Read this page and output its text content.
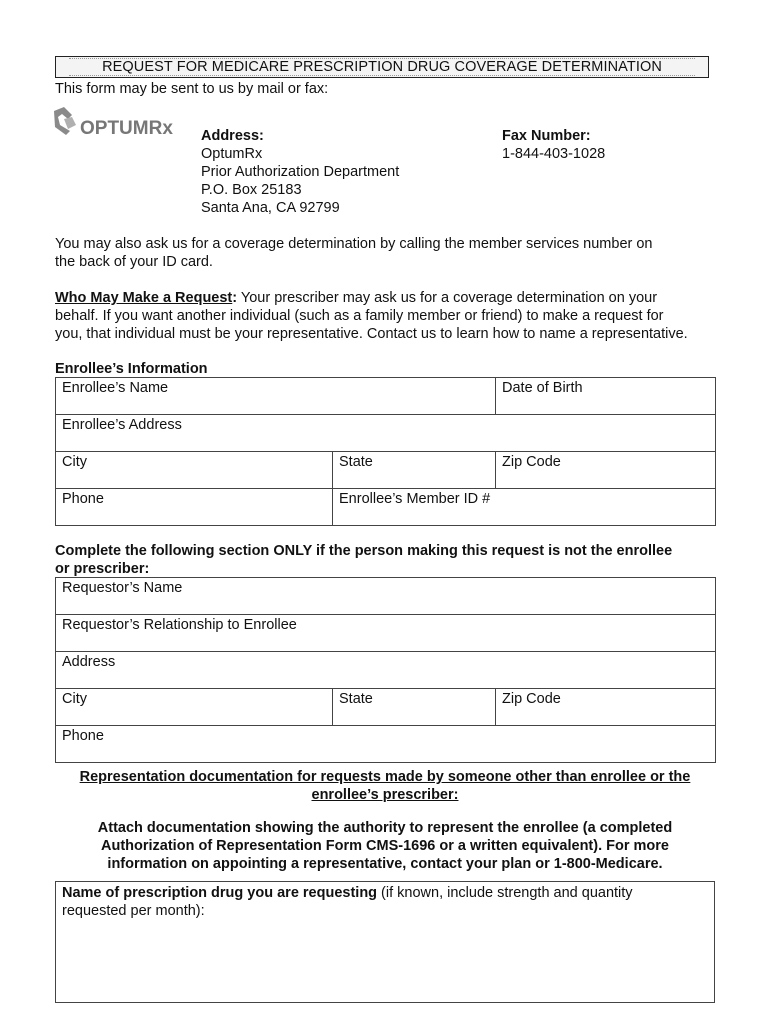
REQUEST FOR MEDICARE PRESCRIPTION DRUG COVERAGE DETERMINATION
This form may be sent to us by mail or fax:
OPTUMRx Address:
OptumRx
Prior Authorization Department
P.O. Box 25183
Santa Ana, CA 92799
Fax Number:
1-844-403-1028
You may also ask us for a coverage determination by calling the member services number on
the back of your ID card.
Who May Make a Request: Your prescriber may ask us for a coverage determination on your
behalf. If you want another individual (such as a family member or friend) to make a request for
you, that individual must be your representative. Contact us to learn how to name a representative.
Enrollee’s Information
Enrollee’s Name		Date of Birth
Enrollee’s Address		
City	State	Zip Code
Phone	Enrollee’s Member ID #	
Complete the following section ONLY if the person making this request is not the enrollee
or prescriber:
Requestor’s Name
Requestor’s Relationship to Enrollee
Address
City	State	Zip Code
Phone
Representation documentation for requests made by someone other than enrollee or the
enrollee’s prescriber:
Attach documentation showing the authority to represent the enrollee (a completed
Authorization of Representation Form CMS-1696 or a written equivalent). For more
information on appointing a representative, contact your plan or 1-800-Medicare.
Name of prescription drug you are requesting (if known, include strength and quantity
requested per month):
